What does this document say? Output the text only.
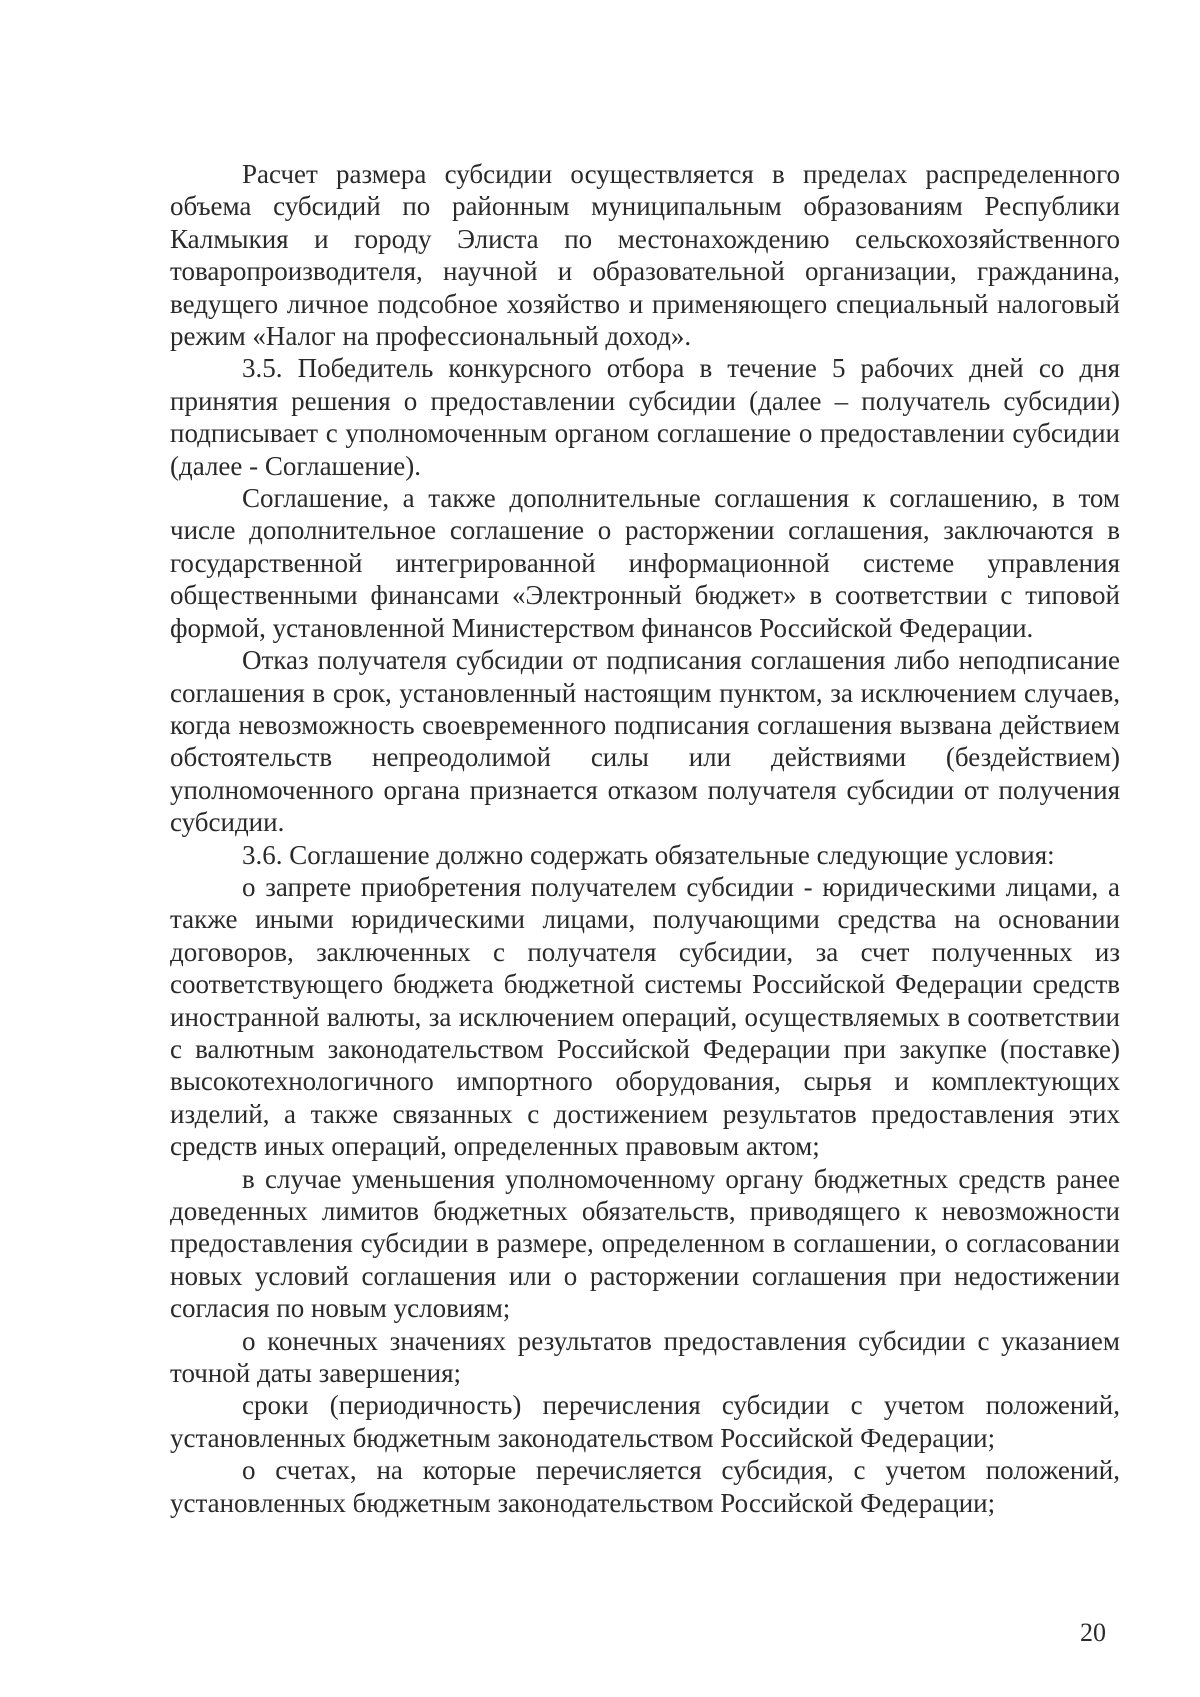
Расчет размера субсидии осуществляется в пределах распределенного объема субсидий по районным муниципальным образованиям Республики Калмыкия и городу Элиста по местонахождению сельскохозяйственного товаропроизводителя, научной и образовательной организации, гражданина, ведущего личное подсобное хозяйство и применяющего специальный налоговый режим «Налог на профессиональный доход».

3.5. Победитель конкурсного отбора в течение 5 рабочих дней со дня принятия решения о предоставлении субсидии (далее – получатель субсидии) подписывает с уполномоченным органом соглашение о предоставлении субсидии (далее - Соглашение).

Соглашение, а также дополнительные соглашения к соглашению, в том числе дополнительное соглашение о расторжении соглашения, заключаются в государственной интегрированной информационной системе управления общественными финансами «Электронный бюджет» в соответствии с типовой формой, установленной Министерством финансов Российской Федерации.

Отказ получателя субсидии от подписания соглашения либо неподписание соглашения в срок, установленный настоящим пунктом, за исключением случаев, когда невозможность своевременного подписания соглашения вызвана действием обстоятельств непреодолимой силы или действиями (бездействием) уполномоченного органа признается отказом получателя субсидии от получения субсидии.

3.6. Соглашение должно содержать обязательные следующие условия:

о запрете приобретения получателем субсидии - юридическими лицами, а также иными юридическими лицами, получающими средства на основании договоров, заключенных с получателя субсидии, за счет полученных из соответствующего бюджета бюджетной системы Российской Федерации средств иностранной валюты, за исключением операций, осуществляемых в соответствии с валютным законодательством Российской Федерации при закупке (поставке) высокотехнологичного импортного оборудования, сырья и комплектующих изделий, а также связанных с достижением результатов предоставления этих средств иных операций, определенных правовым актом;

в случае уменьшения уполномоченному органу бюджетных средств ранее доведенных лимитов бюджетных обязательств, приводящего к невозможности предоставления субсидии в размере, определенном в соглашении, о согласовании новых условий соглашения или о расторжении соглашения при недостижении согласия по новым условиям;

о конечных значениях результатов предоставления субсидии с указанием точной даты завершения;

сроки (периодичность) перечисления субсидии с учетом положений, установленных бюджетным законодательством Российской Федерации;

о счетах, на которые перечисляется субсидия, с учетом положений, установленных бюджетным законодательством Российской Федерации;

20
